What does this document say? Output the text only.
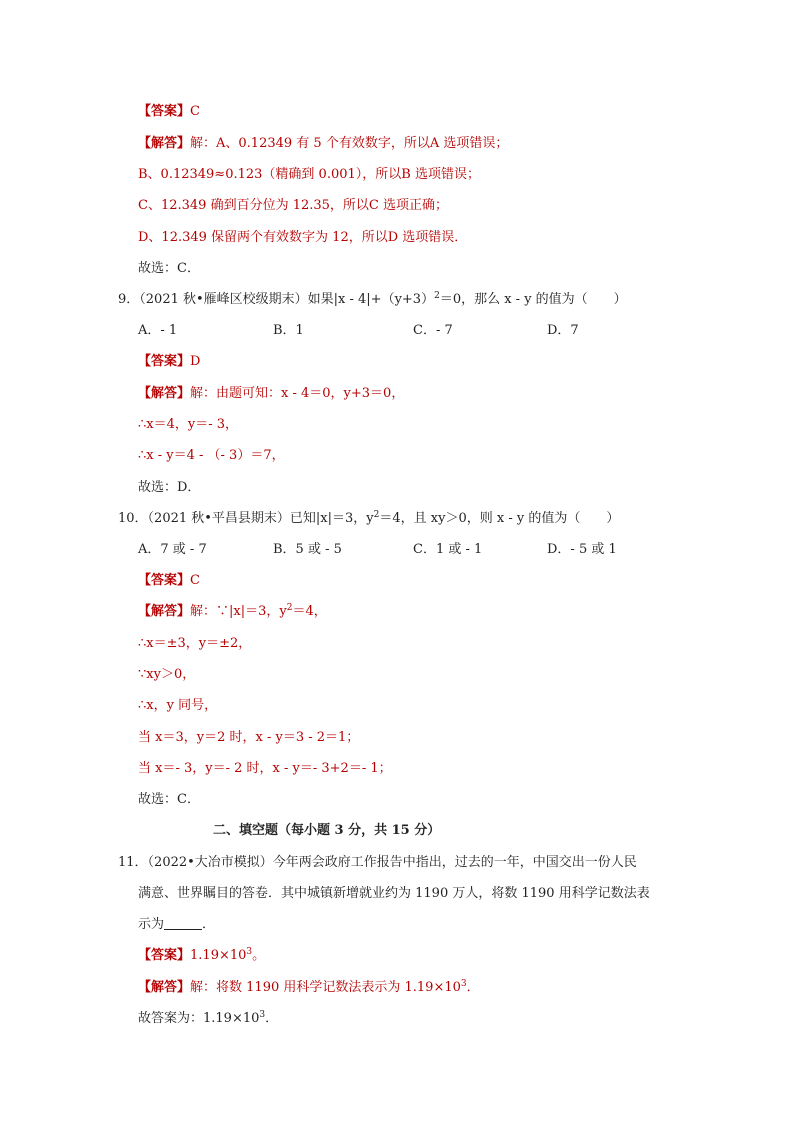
【答案】C
【解答】解：A、0.12349 有 5 个有效数字，所以A 选项错误；
B、0.12349≈0.123（精确到 0.001），所以B 选项错误；
C、12.349 确到百分位为 12.35，所以C 选项正确；
D、12.349 保留两个有效数字为 12，所以D 选项错误．
故选：C．
9．（2021 秋•雁峰区校级期末）如果$|x - 4|+(y+3)^2=0$，那么 x - y 的值为（　　）
A．- 1	B．1	C．- 7	D．7
【答案】D
【解答】解：由题可知：x - 4＝0，y+3＝0，
∴x＝4，y＝- 3，
∴x - y＝4 - （- 3）＝7，
故选：D．
10．（2021 秋•平昌县期末）已知|x|＝3，$y^2=4$，且 xy＞0，则 x - y 的值为（　　）
A．7 或 - 7	B．5 或 - 5	C．1 或 - 1	D．- 5 或 1
【答案】C
【解答】解：∵|x|＝3，$y^2=4$，
∴x＝±3，y＝±2，
∵xy＞0，
∴x，y 同号，
当 x＝3，y＝2 时，x - y＝3 - 2＝1；
当 x＝- 3，y＝- 2 时，x - y＝- 3+2＝- 1；
故选：C．
二、填空题（每小题 3 分，共 15 分）
11．（2022•大冶市模拟）今年两会政府工作报告中指出，过去的一年，中国交出一份人民
满意、世界瞩目的答卷．其中城镇新增就业约为 1190 万人，将数 1190 用科学记数法表
示为	．
【答案】$1.19\times 10^3$。
【解答】解：将数 1190 用科学记数法表示为 $1.19\times 10^3$．
故答案为：$1.19\times 10^3$．
